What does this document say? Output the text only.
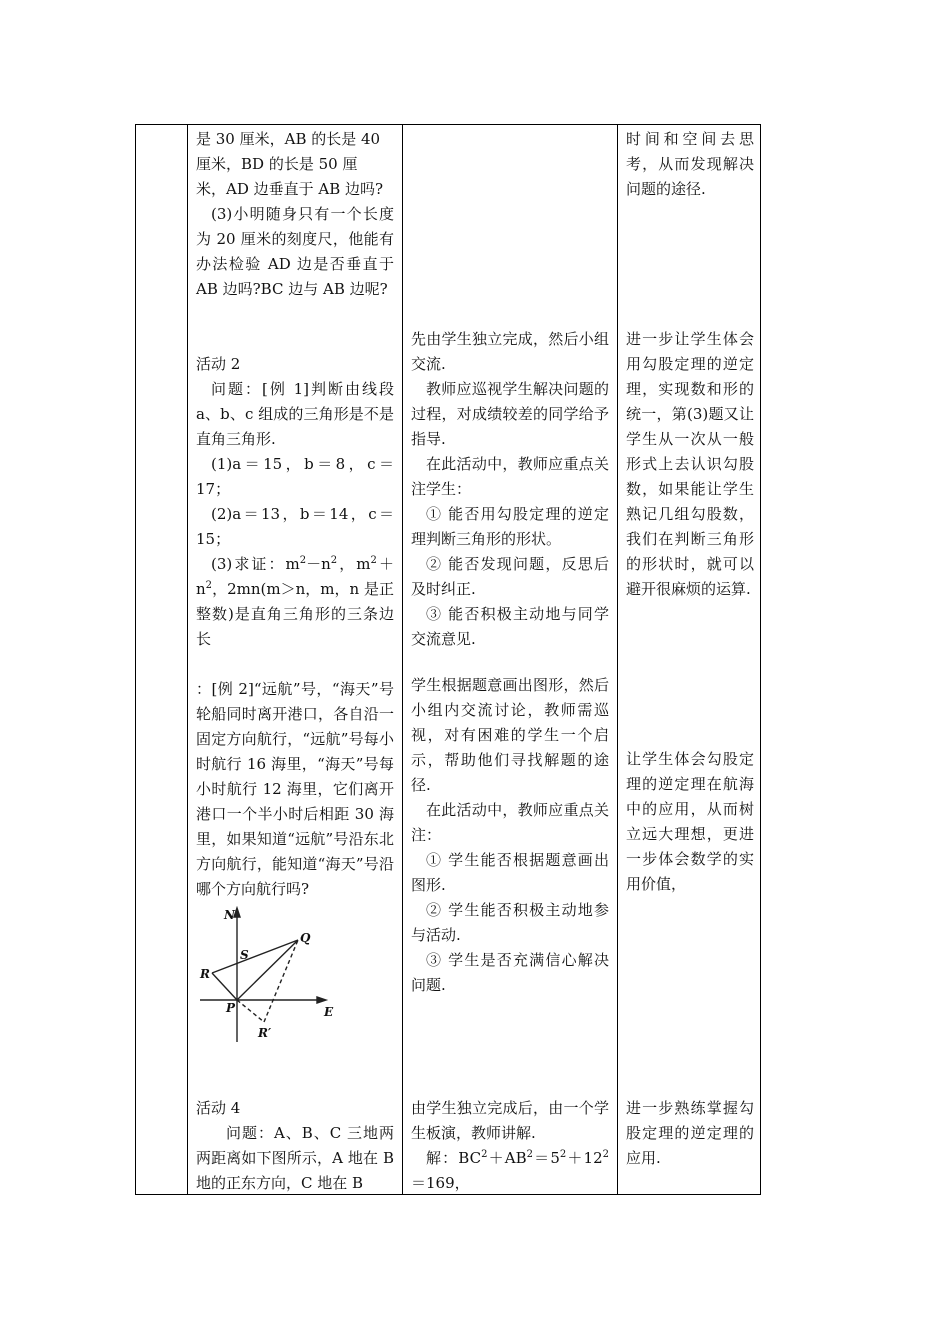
是 30 厘米，AB 的长是 40

厘米，BD 的长是 50 厘

米，AD 边垂直于 AB 边吗?

(3)小明随身只有一个长度为 20 厘米的刻度尺，他能有办法检验 AD 边是否垂直于 AB 边吗?BC 边与 AB 边呢?

活动 2

问题：[例 1]判断由线段 a、b、c 组成的三角形是不是直角三角形.

(1)a＝15，b＝8，c＝17；

(2)a＝13，b＝14，c＝15；

(3)求证：$m^2-n^2$，$m^2+n^2$，2mn(m＞n，m，n 是正整数)是直角三角形的三条边长

：[例 2]“远航”号，“海天”号轮船同时离开港口，各自沿一固定方向航行，“远航”号每小时航行 16 海里，“海天”号每小时航行 12 海里，它们离开港口一个半小时后相距 30 海里，如果知道“远航”号沿东北方向航行，能知道“海天”号沿哪个方向航行吗?

N
E
S
Q
R
P
R′

活动 4

问题：A、B、C 三地两两距离如下图所示，A 地在 B 地的正东方向，C 地在 B

先由学生独立完成，然后小组交流.

教师应巡视学生解决问题的过程，对成绩较差的同学给予指导.

在此活动中，教师应重点关注学生：

① 能否用勾股定理的逆定理判断三角形的形状。

② 能否发现问题，反思后及时纠正.

③ 能否积极主动地与同学交流意见.

学生根据题意画出图形，然后小组内交流讨论，教师需巡视，对有困难的学生一个启示，帮助他们寻找解题的途径.

在此活动中，教师应重点关注：

① 学生能否根据题意画出图形.

② 学生能否积极主动地参与活动.

③ 学生是否充满信心解决问题.

由学生独立完成后，由一个学生板演，教师讲解.

解：$BC^2+AB^2=5^2+12^2=169$，

时间和空间去思考，从而发现解决问题的途径.

进一步让学生体会用勾股定理的逆定理，实现数和形的统一，第(3)题又让学生从一次从一般形式上去认识勾股数，如果能让学生熟记几组勾股数，我们在判断三角形的形状时，就可以避开很麻烦的运算.

让学生体会勾股定理的逆定理在航海中的应用，从而树立远大理想，更进一步体会数学的实用价值，

进一步熟练掌握勾股定理的逆定理的应用.
